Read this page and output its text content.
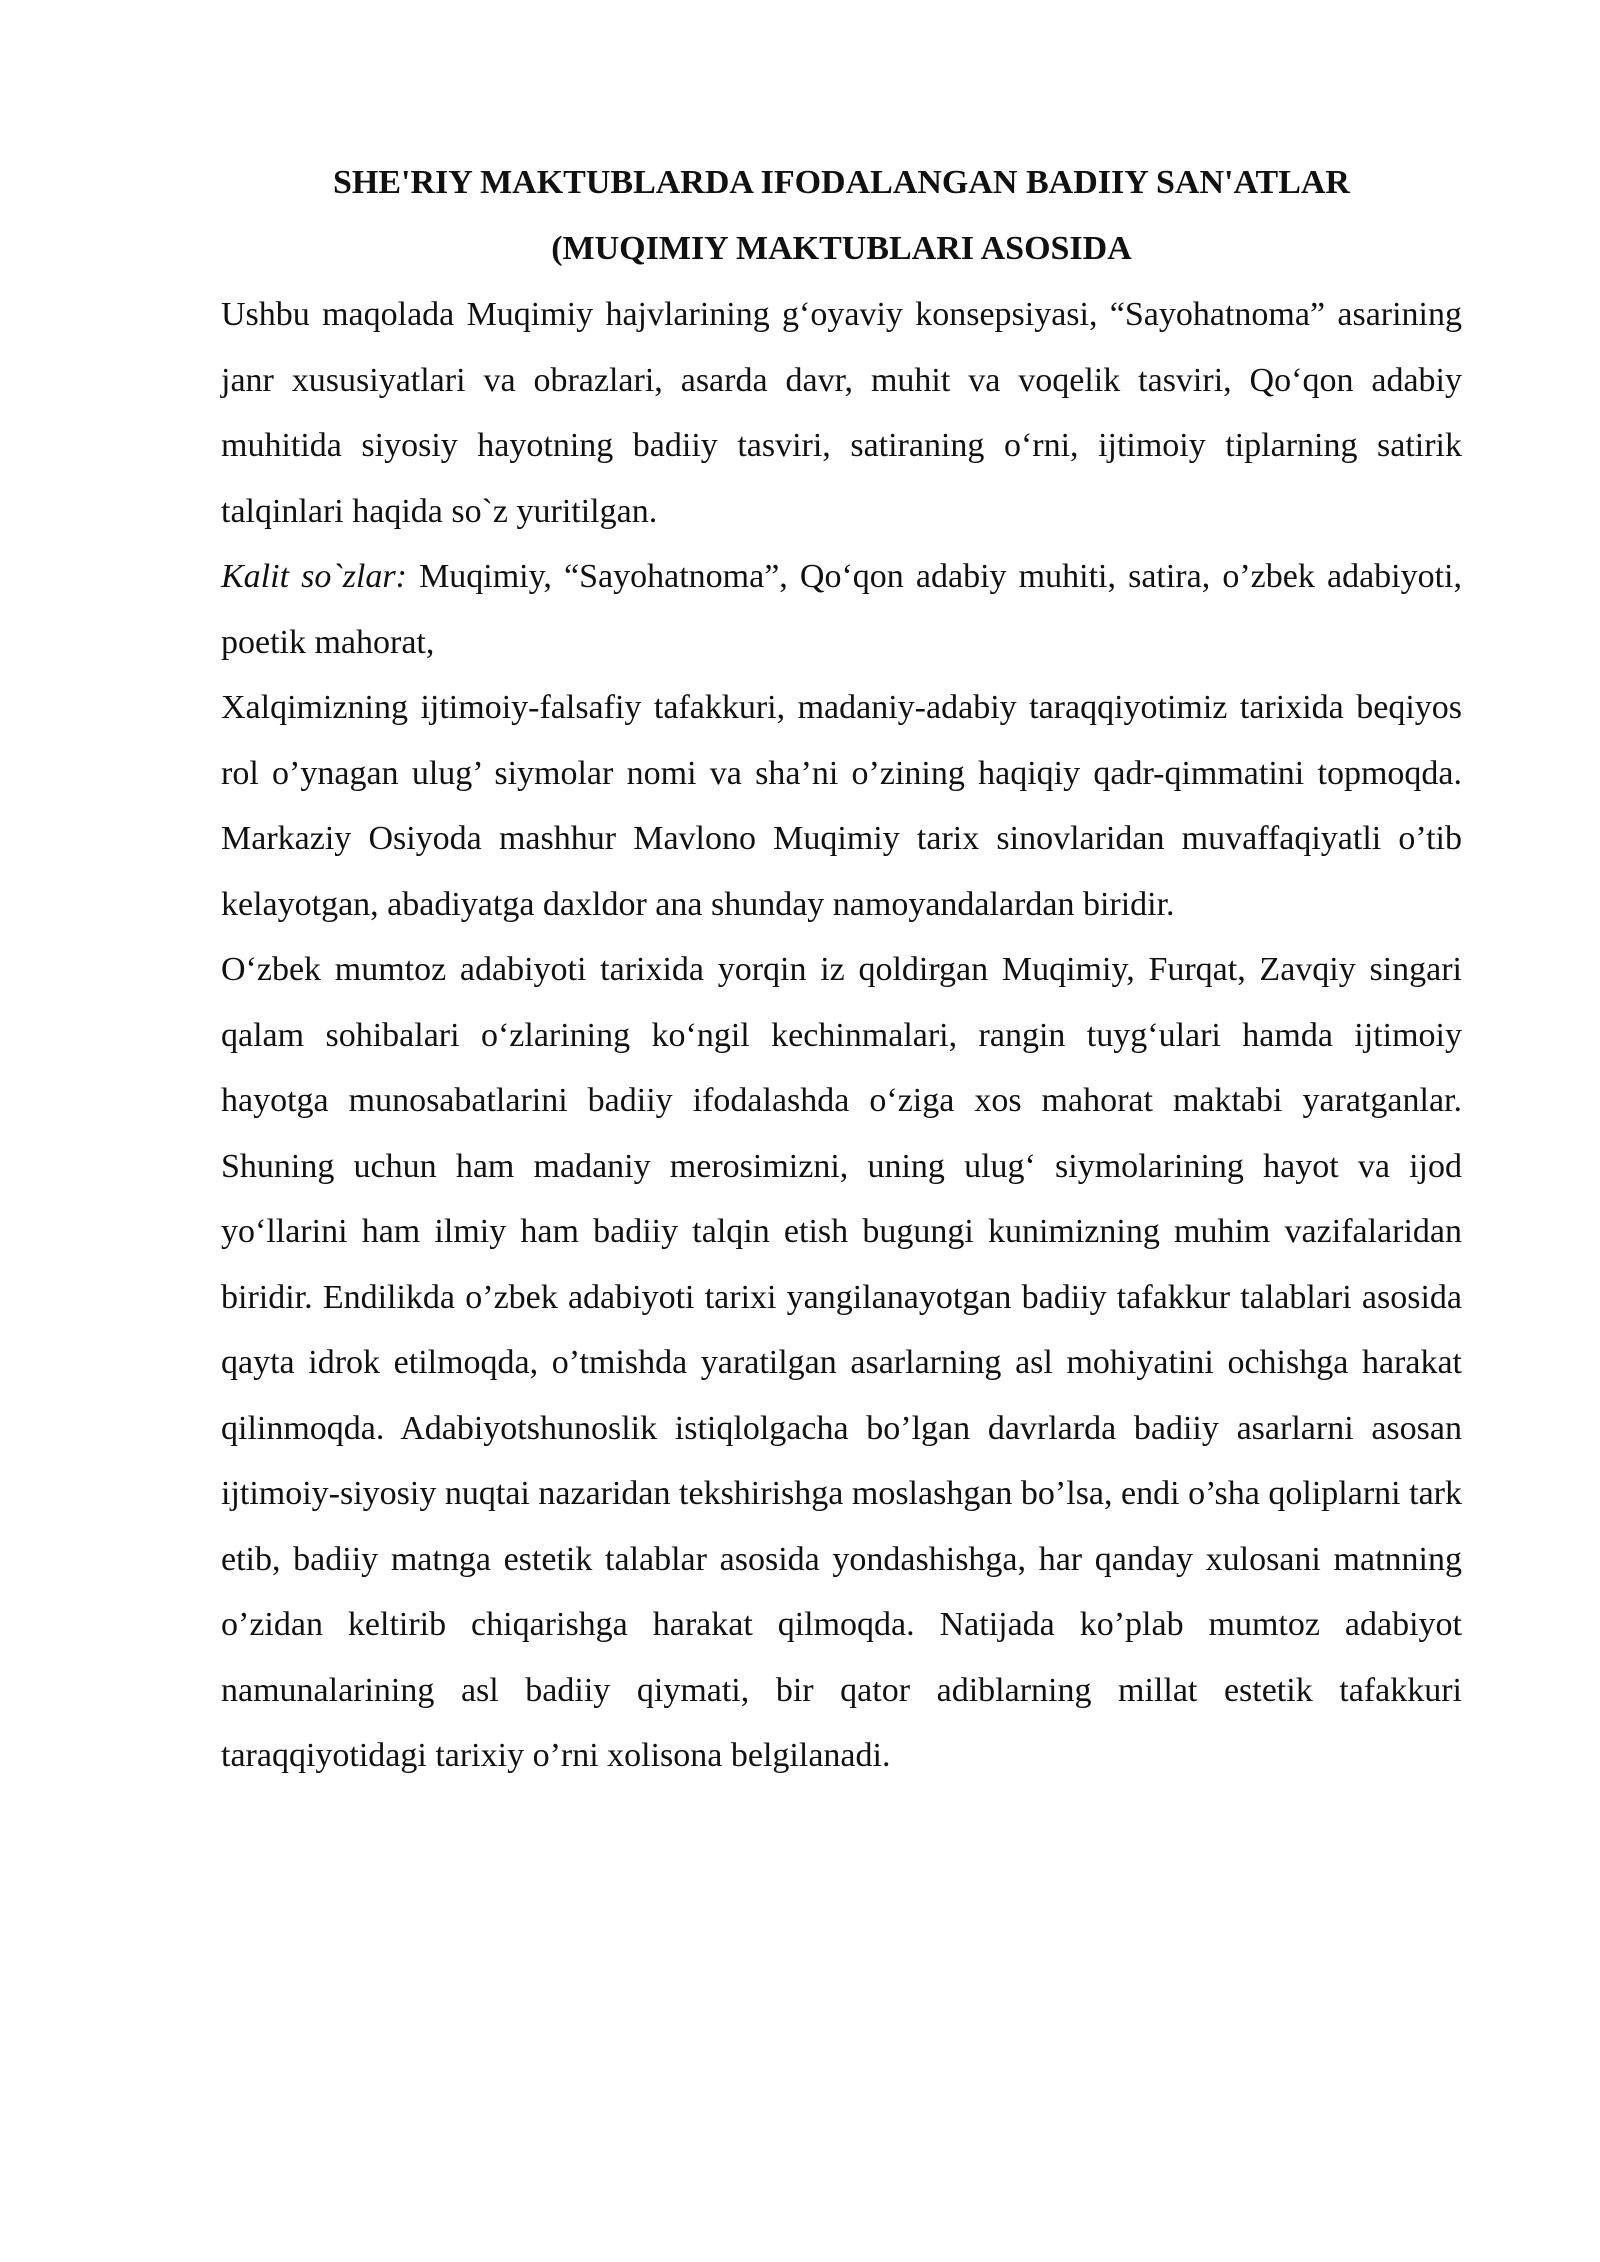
SHE'RIY MAKTUBLARDA IFODALANGAN BADIIY SAN'ATLAR
(MUQIMIY MAKTUBLARI ASOSIDA

Ushbu maqolada Muqimiy hajvlarining g‘oyaviy konsepsiyasi, “Sayohatnoma” asarining janr xususiyatlari va obrazlari, asarda davr, muhit va voqelik tasviri, Qo‘qon adabiy muhitida siyosiy hayotning badiiy tasviri, satiraning o‘rni, ijtimoiy tiplarning satirik talqinlari haqida so`z yuritilgan.

Kalit so`zlar: Muqimiy, “Sayohatnoma”, Qo‘qon adabiy muhiti, satira, o’zbek adabiyoti, poetik mahorat,

Xalqimizning ijtimoiy-falsafiy tafakkuri, madaniy-adabiy taraqqiyotimiz tarixida beqiyos rol o’ynagan ulug’ siymolar nomi va sha’ni o’zining haqiqiy qadr-qimmatini topmoqda. Markaziy Osiyoda mashhur Mavlono Muqimiy tarix sinovlaridan muvaffaqiyatli o’tib kelayotgan, abadiyatga daxldor ana shunday namoyandalardan biridir.

O‘zbek mumtoz adabiyoti tarixida yorqin iz qoldirgan Muqimiy, Furqat, Zavqiy singari qalam sohibalari o‘zlarining ko‘ngil kechinmalari, rangin tuyg‘ulari hamda ijtimoiy hayotga munosabatlarini badiiy ifodalashda o‘ziga xos mahorat maktabi yaratganlar. Shuning uchun ham madaniy merosimizni, uning ulug‘ siymolarining hayot va ijod yo‘llarini ham ilmiy ham badiiy talqin etish bugungi kunimizning muhim vazifalaridan biridir. Endilikda o’zbek adabiyoti tarixi yangilanayotgan badiiy tafakkur talablari asosida qayta idrok etilmoqda, o’tmishda yaratilgan asarlarning asl mohiyatini ochishga harakat qilinmoqda. Adabiyotshunoslik istiqlolgacha bo’lgan davrlarda badiiy asarlarni asosan ijtimoiy-siyosiy nuqtai nazaridan tekshirishga moslashgan bo’lsa, endi o’sha qoliplarni tark etib, badiiy matnga estetik talablar asosida yondashishga, har qanday xulosani matnning o’zidan keltirib chiqarishga harakat qilmoqda. Natijada ko’plab mumtoz adabiyot namunalarining asl badiiy qiymati, bir qator adiblarning millat estetik tafakkuri taraqqiyotidagi tarixiy o’rni xolisona belgilanadi.
